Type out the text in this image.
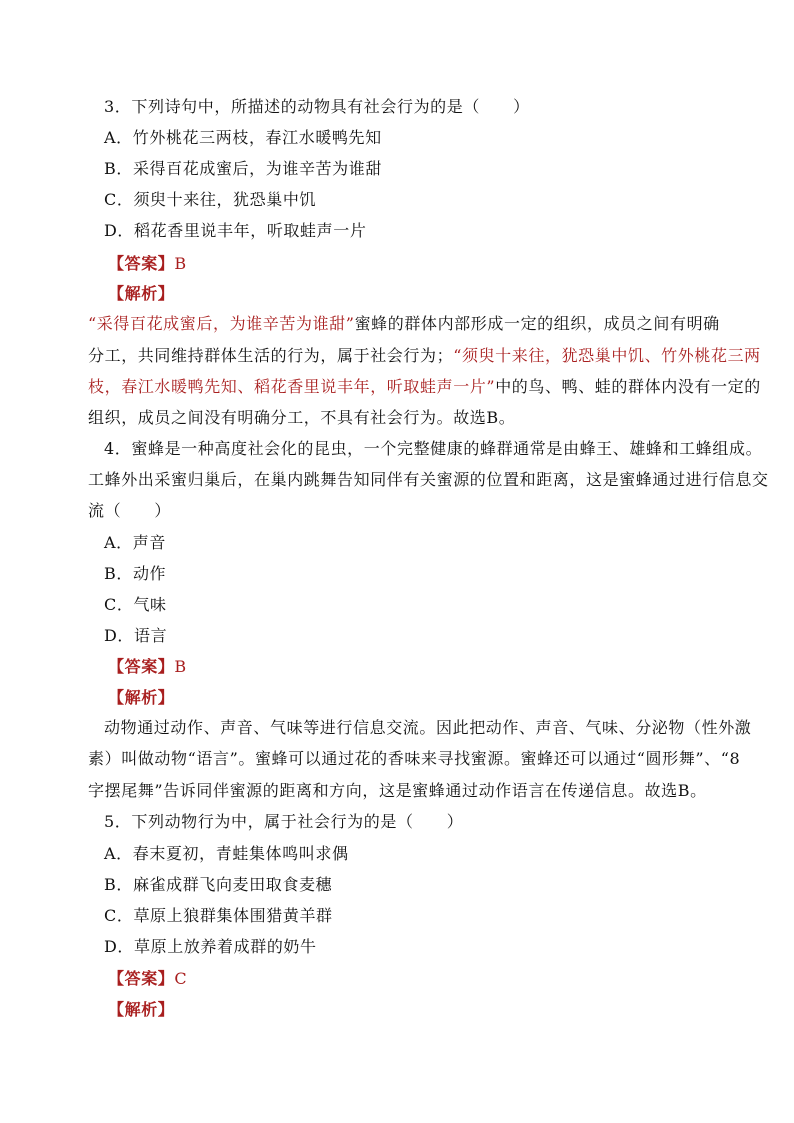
3．下列诗句中，所描述的动物具有社会行为的是（　　）
A．竹外桃花三两枝，春江水暖鸭先知
B．采得百花成蜜后，为谁辛苦为谁甜
C．须臾十来往，犹恐巢中饥
D．稻花香里说丰年，听取蛙声一片
【答案】B
【解析】
“采得百花成蜜后，为谁辛苦为谁甜”蜜蜂的群体内部形成一定的组织，成员之间有明确
分工，共同维持群体生活的行为，属于社会行为；“须臾十来往，犹恐巢中饥、竹外桃花三两
枝，春江水暖鸭先知、稻花香里说丰年，听取蛙声一片”中的鸟、鸭、蛙的群体内没有一定的
组织，成员之间没有明确分工，不具有社会行为。故选B。
4．蜜蜂是一种高度社会化的昆虫，一个完整健康的蜂群通常是由蜂王、雄蜂和工蜂组成。
工蜂外出采蜜归巢后，在巢内跳舞告知同伴有关蜜源的位置和距离，这是蜜蜂通过进行信息交
流（　　）
A．声音
B．动作
C．气味
D．语言
【答案】B
【解析】
动物通过动作、声音、气味等进行信息交流。因此把动作、声音、气味、分泌物（性外激
素）叫做动物“语言”。蜜蜂可以通过花的香味来寻找蜜源。蜜蜂还可以通过“圆形舞”、“8
字摆尾舞”告诉同伴蜜源的距离和方向，这是蜜蜂通过动作语言在传递信息。故选B。
5．下列动物行为中，属于社会行为的是（　　）
A．春末夏初，青蛙集体鸣叫求偶
B．麻雀成群飞向麦田取食麦穗
C．草原上狼群集体围猎黄羊群
D．草原上放养着成群的奶牛
【答案】C
【解析】
